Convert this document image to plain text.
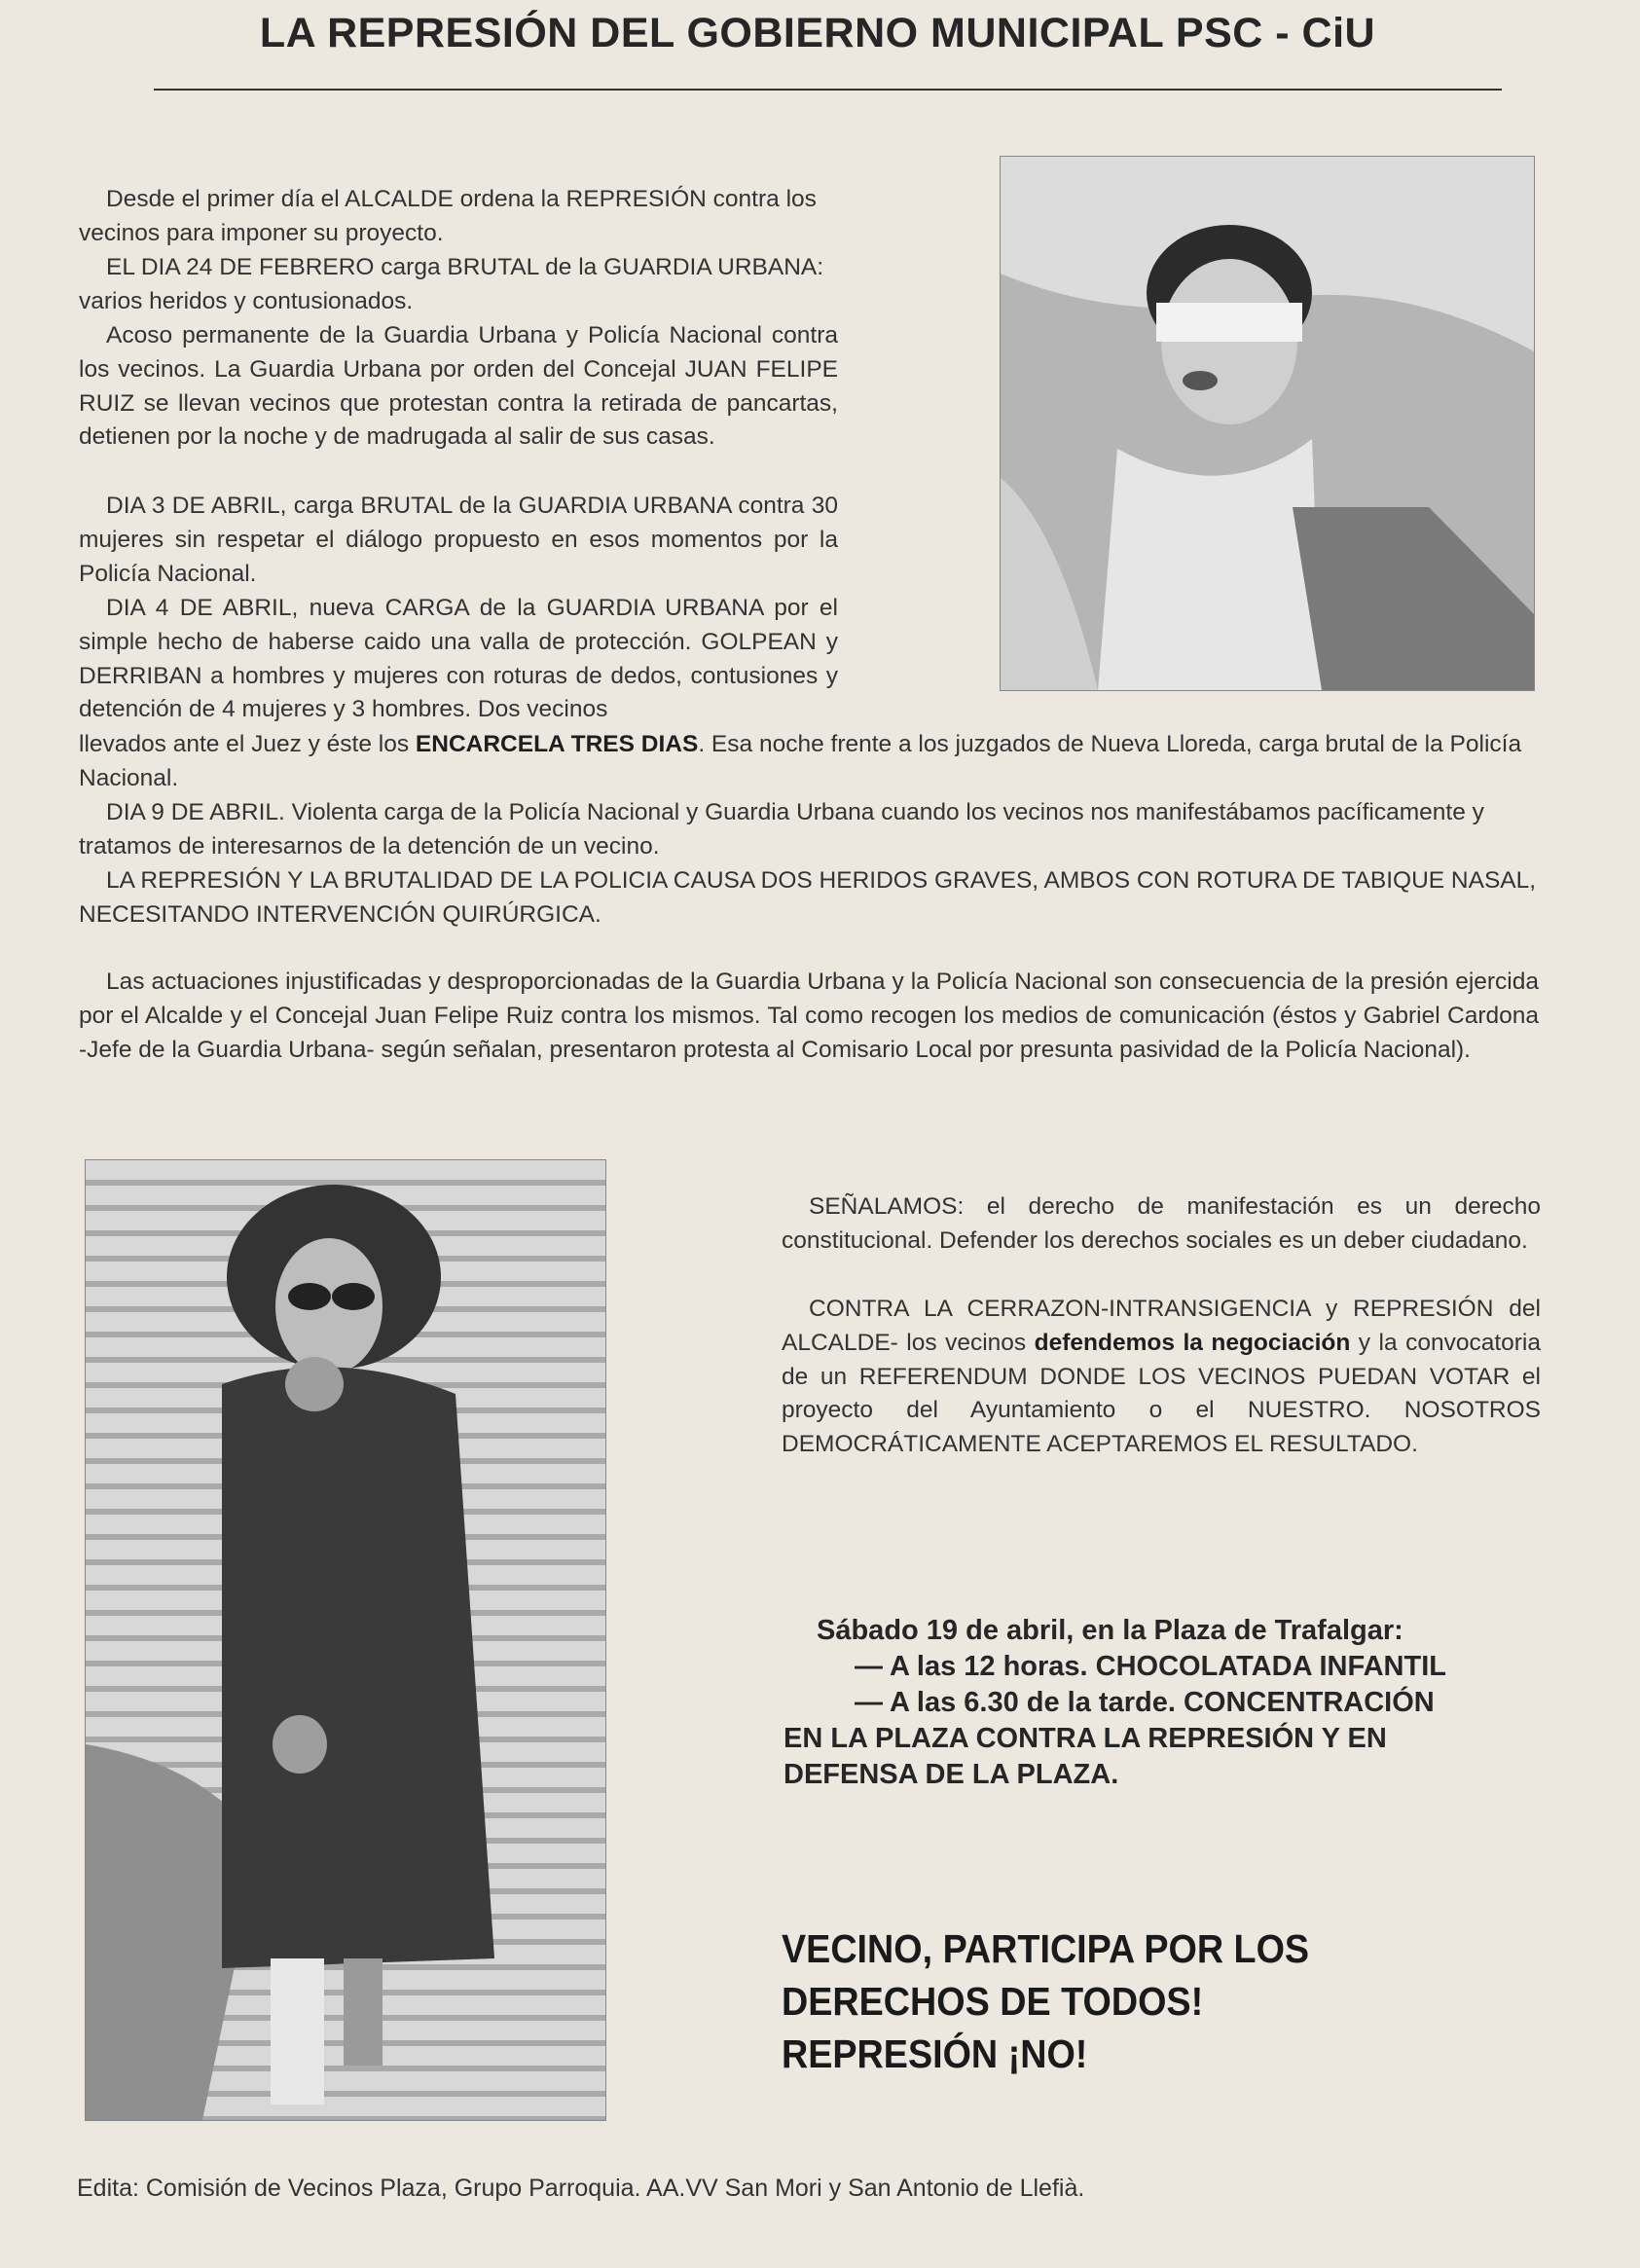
LA REPRESIÓN DEL GOBIERNO MUNICIPAL PSC - CiU

Desde el primer día el ALCALDE ordena la REPRESIÓN contra los vecinos para imponer su proyecto.

EL DIA 24 DE FEBRERO carga BRUTAL de la GUARDIA URBANA: varios heridos y contusionados.

Acoso permanente de la Guardia Urbana y Policía Nacional contra los vecinos. La Guardia Urbana por orden del Concejal JUAN FELIPE RUIZ se llevan vecinos que protestan contra la retirada de pancartas, detienen por la noche y de madrugada al salir de sus casas.

DIA 3 DE ABRIL, carga BRUTAL de la GUARDIA URBANA contra 30 mujeres sin respetar el diálogo propuesto en esos momentos por la Policía Nacional.

DIA 4 DE ABRIL, nueva CARGA de la GUARDIA URBANA por el simple hecho de haberse caido una valla de protección. GOLPEAN y DERRIBAN a hombres y mujeres con roturas de dedos, contusiones y detención de 4 mujeres y 3 hombres. Dos vecinos

llevados ante el Juez y éste los ENCARCELA TRES DIAS. Esa noche frente a los juzgados de Nueva Lloreda, carga brutal de la Policía Nacional.

DIA 9 DE ABRIL. Violenta carga de la Policía Nacional y Guardia Urbana cuando los vecinos nos manifestábamos pacíficamente y tratamos de interesarnos de la detención de un vecino.

LA REPRESIÓN Y LA BRUTALIDAD DE LA POLICIA CAUSA DOS HERIDOS GRAVES, AMBOS CON ROTURA DE TABIQUE NASAL, NECESITANDO INTERVENCIÓN QUIRÚRGICA.

Las actuaciones injustificadas y desproporcionadas de la Guardia Urbana y la Policía Nacional son consecuencia de la presión ejercida por el Alcalde y el Concejal Juan Felipe Ruiz contra los mismos. Tal como recogen los medios de comunicación (éstos y Gabriel Cardona -Jefe de la Guardia Urbana- según señalan, presentaron protesta al Comisario Local por presunta pasividad de la Policía Nacional).

SEÑALAMOS: el derecho de manifestación es un derecho constitucional. Defender los derechos sociales es un deber ciudadano.

CONTRA LA CERRAZON-INTRANSIGENCIA y REPRESIÓN del ALCALDE- los vecinos defendemos la negociación y la convocatoria de un REFERENDUM DONDE LOS VECINOS PUEDAN VOTAR el proyecto del Ayuntamiento o el NUESTRO. NOSOTROS DEMOCRÁTICAMENTE ACEPTAREMOS EL RESULTADO.

Sábado 19 de abril, en la Plaza de Trafalgar:
— A las 12 horas. CHOCOLATADA INFANTIL
— A las 6.30 de la tarde. CONCENTRACIÓN
EN LA PLAZA CONTRA LA REPRESIÓN Y EN
DEFENSA DE LA PLAZA.
VECINO, PARTICIPA POR LOS
DERECHOS DE TODOS!
REPRESIÓN ¡NO!
Edita: Comisión de Vecinos Plaza, Grupo Parroquia. AA.VV San Mori y San Antonio de Llefià.
